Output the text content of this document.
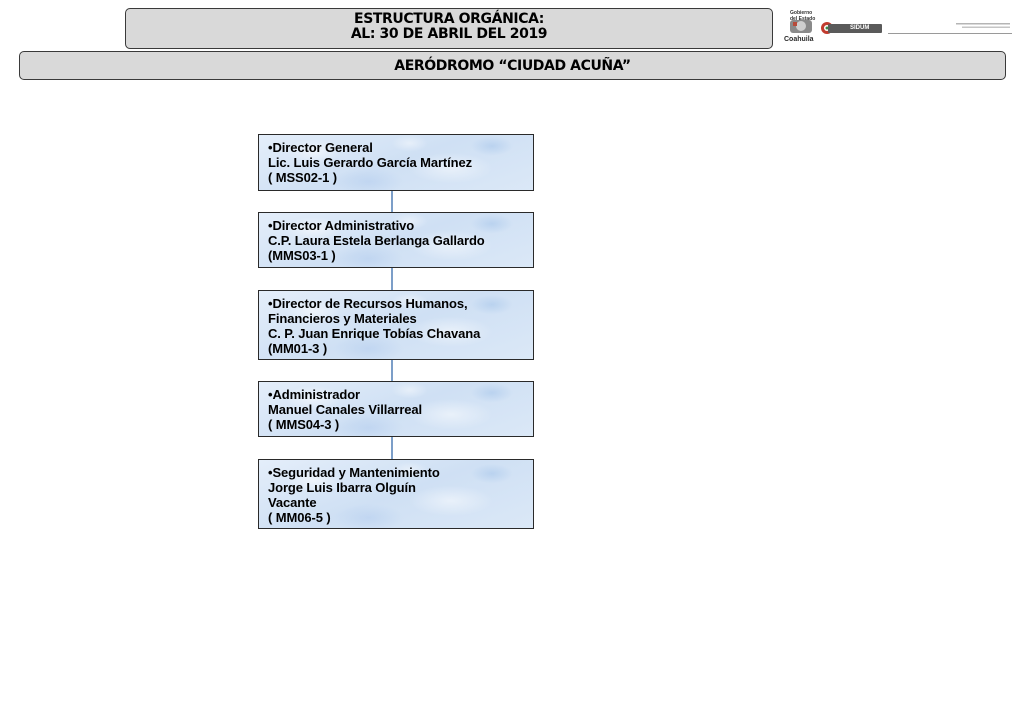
ESTRUCTURA ORGÁNICA:
AL: 30 DE ABRIL DEL 2019
Gobierno
del Estado
Coahuila
SIDUM
AERÓDROMO “CIUDAD ACUÑA”
•Director General
Lic. Luis Gerardo García Martínez
( MSS02-1 )
•Director Administrativo
C.P. Laura Estela Berlanga Gallardo
(MMS03-1 )
•Director de Recursos Humanos,
Financieros y Materiales
C. P. Juan Enrique Tobías Chavana
(MM01-3 )
•Administrador
Manuel Canales Villarreal
( MMS04-3 )
•Seguridad y Mantenimiento
Jorge Luis Ibarra Olguín
Vacante
( MM06-5 )
